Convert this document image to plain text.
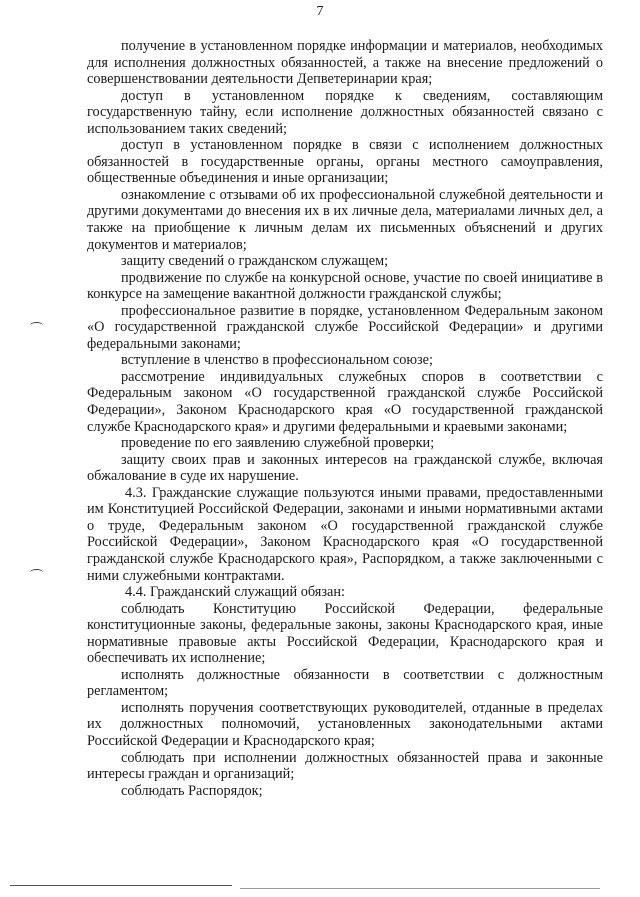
7

получение в установленном порядке информации и материалов, необходимых для исполнения должностных обязанностей, а также на внесение предложений о совершенствовании деятельности Депветеринарии края;

доступ в установленном порядке к сведениям, составляющим государственную тайну, если исполнение должностных обязанностей связано с использованием таких сведений;

доступ в установленном порядке в связи с исполнением должностных обязанностей в государственные органы, органы местного самоуправления, общественные объединения и иные организации;

ознакомление с отзывами об их профессиональной служебной деятельности и другими документами до внесения их в их личные дела, материалами личных дел, а также на приобщение к личным делам их письменных объяснений и других документов и материалов;

защиту сведений о гражданском служащем;

продвижение по службе на конкурсной основе, участие по своей инициативе в конкурсе на замещение вакантной должности гражданской службы;

профессиональное развитие в порядке, установленном Федеральным законом «О государственной гражданской службе Российской Федерации» и другими федеральными законами;

вступление в членство в профессиональном союзе;

рассмотрение индивидуальных служебных споров в соответствии с Федеральным законом «О государственной гражданской службе Российской Федерации», Законом Краснодарского края «О государственной гражданской службе Краснодарского края» и другими федеральными и краевыми законами;

проведение по его заявлению служебной проверки;

защиту своих прав и законных интересов на гражданской службе, включая обжалование в суде их нарушение.

4.3. Гражданские служащие пользуются иными правами, предоставленными им Конституцией Российской Федерации, законами и иными нормативными актами о труде, Федеральным законом «О государственной гражданской службе Российской Федерации», Законом Краснодарского края «О государственной гражданской службе Краснодарского края», Распорядком, а также заключенными с ними служебными контрактами.

4.4. Гражданский служащий обязан:

соблюдать Конституцию Российской Федерации, федеральные конституционные законы, федеральные законы, законы Краснодарского края, иные нормативные правовые акты Российской Федерации, Краснодарского края и обеспечивать их исполнение;

исполнять должностные обязанности в соответствии с должностным регламентом;

исполнять поручения соответствующих руководителей, отданные в пределах их должностных полномочий, установленных законодательными актами Российской Федерации и Краснодарского края;

соблюдать при исполнении должностных обязанностей права и законные интересы граждан и организаций;

соблюдать Распорядок;
